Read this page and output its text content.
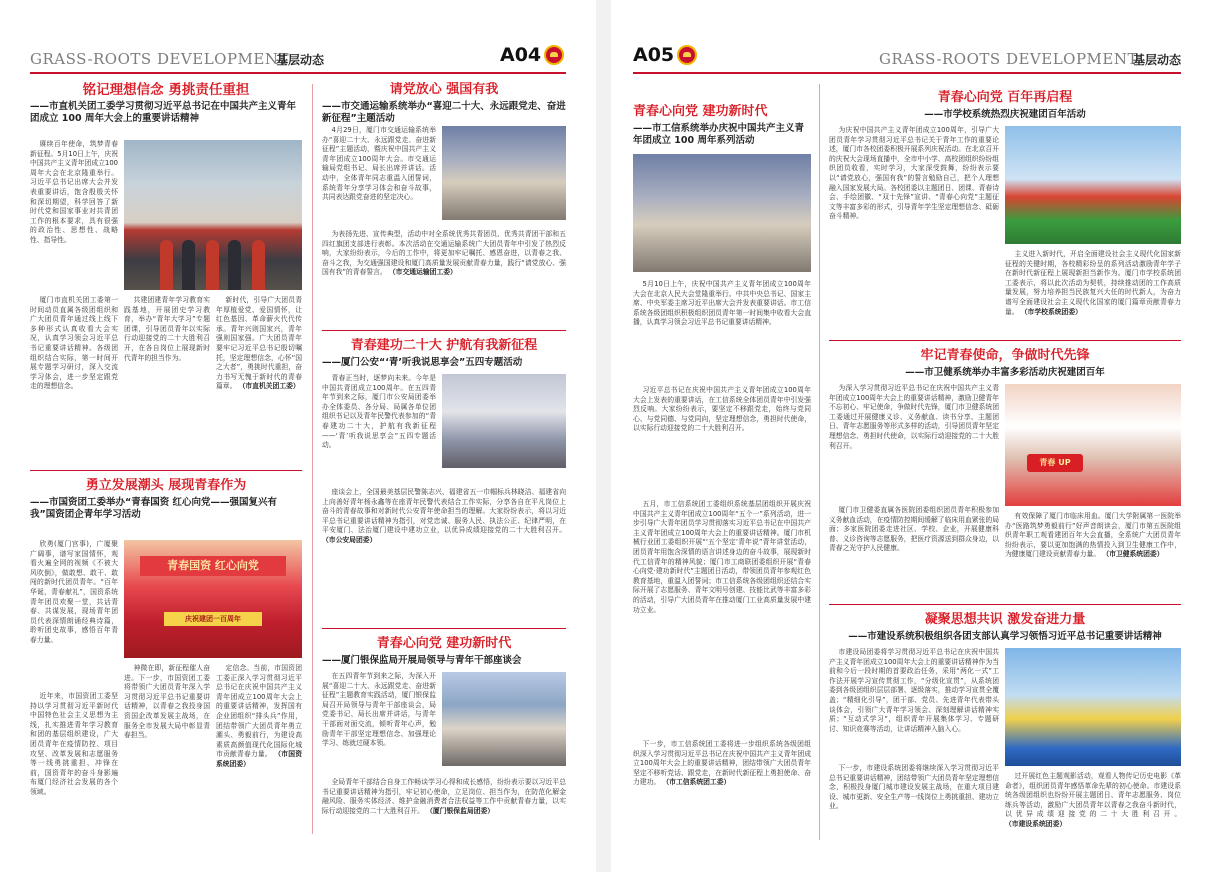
GRASS-ROOTS DEVELOPMENT
基层动态	A04
铭记理想信念 勇挑责任重担
——市直机关团工委学习贯彻习近平总书记在中国共产主义青年团成立 100 周年大会上的重要讲话精神
赓续百年使命，筑梦青春新征程。5月10日上午，庆祝中国共产主义青年团成立100周年大会在北京隆重举行。习近平总书记出席大会并发表重要讲话，饱含殷殷关怀和深切期望，科学回答了新时代党和国家事业对共青团工作的根本要求，具有很强的政治性、思想性、战略性、指导性。
厦门市直机关团工委第一时间动员直属各级团组织和广大团员青年通过线上线下多种形式认真收看大会实况，认真学习领会习近平总书记重要讲话精神。各级团组织结合实际，第一时间开展专题学习研讨，深入交流学习体会，进一步坚定跟党走的理想信念。
共建团建青年学习教育实践基地，开展团史学习教育，举办“青年大学习”专题团课，引导团员青年以实际行动迎接党的二十大胜利召开，在各自岗位上展现新时代青年的担当作为。
新时代，引导广大团员青年厚植爱党、爱国情怀，让红色基因、革命薪火代代传承。青年兴则国家兴，青年强则国家强。广大团员青年要牢记习近平总书记殷切嘱托，坚定理想信念，心怀“国之大者”，勇挑时代重担，奋力书写无愧于新时代的青春篇章。 （市直机关团工委）
请党放心 强国有我
——市交通运输系统举办“喜迎二十大、永远跟党走、奋进新征程”主题活动
4月29日，厦门市交通运输系统举办“喜迎二十大、永远跟党走、奋进新征程”主题活动，暨庆祝中国共产主义青年团成立100周年大会。市交通运输局党组书记、局长出席并讲话。活动中，全体青年同志重温入团誓词，系统青年分享学习体会和奋斗故事，共同表达跟党奋进的坚定决心。
为表扬先进、宣传典型，活动中对全系统优秀共青团员、优秀共青团干部和五四红旗团支部进行表彰。本次活动在交通运输系统广大团员青年中引发了热烈反响，大家纷纷表示，今后的工作中，将更加牢记嘱托、感恩奋进，以青春之我、奋斗之我，为交通强国建设和厦门高质量发展贡献青春力量，践行“请党放心、强国有我”的青春誓言。 （市交通运输团工委）
青春建功二十大 护航有我新征程
——厦门公安“‘青’听我说思享会”五四专题活动
青春正当时，逐梦向未来。今年是中国共青团成立100周年。在五四青年节到来之际，厦门市公安局团委举办全体委员、各分局、局属各单位团组织书记以及青年民警代表参加的“青春建功二十大，护航有我新征程——‘青’听我说思享会”五四专题活动。
座谈会上，全国最美基层民警陈志兴、福建省五一巾帼标兵林晓洁、福建省向上向善好青年杨永鑫等在座青年民警代表结合工作实际，分享各自在平凡岗位上奋斗的青春故事和对新时代公安青年使命担当的理解。大家纷纷表示，将以习近平总书记重要讲话精神为指引，对党忠诚、服务人民、执法公正、纪律严明，在平安厦门、法治厦门建设中建功立业，以优异成绩迎接党的二十大胜利召开。 （市公安局团委）
青春心向党 建功新时代
——厦门银保监局开展局领导与青年干部座谈会
在五四青年节到来之际，为深入开展“喜迎二十大、永远跟党走、奋进新征程”主题教育实践活动，厦门银保监局召开局领导与青年干部座谈会，局党委书记、局长出席并讲话，与青年干部面对面交流，倾听青年心声，勉励青年干部坚定理想信念、加强理论学习、练就过硬本领。
全局青年干部结合自身工作畅谈学习心得和成长感悟，纷纷表示要以习近平总书记重要讲话精神为指引，牢记初心使命，立足岗位、担当作为，在防范化解金融风险、服务实体经济、维护金融消费者合法权益等工作中贡献青春力量，以实际行动迎接党的二十大胜利召开。 （厦门银保监局团委）
勇立发展潮头 展现青春作为
——市国资团工委举办“青春国资 红心向党——强国复兴有我”国资团企青年学习活动
欣勇(厦门宫事)，广厦聚广阔事，谱写家国情怀，观看火遍全网的视频《不被大风吹倒》，做敢想、敢干、敢闯的新时代团员青年。“百年华诞，青春献礼”，国资系统青年团员欢聚一堂，共话青春、共谋发展，现场青年团员代表深情朗诵经典诗篇，聆听团史故事，感悟百年青春力量。
青春国资 红心向党
庆祝建团一百周年
近年来，市国资团工委坚持以学习贯彻习近平新时代中国特色社会主义思想为主线，扎实推进青年学习教育和团的基层组织建设，广大团员青年在疫情防控、项目攻坚、改革发展和志愿服务等一线勇挑重担、冲锋在前，国资青年的奋斗身影遍布厦门经济社会发展的各个领域。
神微在即，新征程催人奋进。下一步，市国资团工委将带领广大团员青年深入学习贯彻习近平总书记重要讲话精神，以青春之我投身国资国企改革发展主战场，在服务全市发展大局中彰显青春担当。
定信念。当前，市国资团工委正深入学习贯彻习近平总书记在庆祝中国共产主义青年团成立100周年大会上的重要讲话精神，发挥国有企业团组织“排头兵”作用，团结带领广大团员青年勇立潮头、勇毅前行，为建设高素质高颜值现代化国际化城市贡献青春力量。 （市国资系统团委）
A05	GRASS-ROOTS DEVELOPMENT
基层动态
青春心向党 建功新时代
——市工信系统举办庆祝中国共产主义青年团成立 100 周年系列活动
5月10日上午，庆祝中国共产主义青年团成立100周年大会在北京人民大会堂隆重举行。中共中央总书记、国家主席、中央军委主席习近平出席大会并发表重要讲话。市工信系统各级团组织积极组织团员青年第一时间集中收看大会直播，认真学习领会习近平总书记重要讲话精神。
习近平总书记在庆祝中国共产主义青年团成立100周年大会上发表的重要讲话，在工信系统全体团员青年中引发强烈反响。大家纷纷表示，要坚定不移跟党走，始终与党同心、与党同德、与党同向，坚定理想信念，勇担时代使命，以实际行动迎接党的二十大胜利召开。
五月，市工信系统团工委组织系统基层团组织开展庆祝中国共产主义青年团成立100周年“五个一”系列活动，进一步引导广大青年团员学习贯彻落实习近平总书记在中国共产主义青年团成立100周年大会上的重要讲话精神。厦门市机械行业团工委组织开展“‘五个坚定’青年说”青年讲堂活动，团员青年用饱含深情的语言讲述身边的奋斗故事，展现新时代工信青年的精神风貌；厦门市工商联团委组织开展“青春心向党·建功新时代”主题团日活动，带领团员青年参观红色教育基地，重温入团誓词；市工信系统各级团组织还结合实际开展了志愿服务、青年文明号创建、技能比武等丰富多彩的活动，引导广大团员青年在推动厦门工业高质量发展中建功立业。
下一步，市工信系统团工委将进一步组织系统各级团组织深入学习贯彻习近平总书记在庆祝中国共产主义青年团成立100周年大会上的重要讲话精神，团结带领广大团员青年坚定不移听党话、跟党走，在新时代新征程上勇担使命、奋力建功。 （市工信系统团工委）
青春心向党 百年再启程
——市学校系统热烈庆祝建团百年活动
为庆祝中国共产主义青年团成立100周年，引导广大团员青年学习贯彻习近平总书记关于青年工作的重要论述，厦门市各校团委积极开展系列庆祝活动。在北京召开的庆祝大会现场直播中，全市中小学、高校团组织纷纷组织团员收看，实时学习，大家深受鼓舞，纷纷表示要以“请党放心，强国有我”的誓言勉励自己，把个人理想融入国家发展大局。各校团委以主题团日、团课、青春诗会、手绘团徽、“双十先锋”宣讲、“青春心向党”主题征文等丰富多彩的形式，引导青年学生坚定理想信念、砥砺奋斗精神。
主义进入新时代，开启全面建设社会主义现代化国家新征程的关键时期，各校精彩纷呈的系列活动激励青年学子在新时代新征程上展现新担当新作为。厦门市学校系统团工委表示，将以此次活动为契机，持续推动团的工作高质量发展，努力培养担当民族复兴大任的时代新人，为奋力谱写全面建设社会主义现代化国家的厦门篇章贡献青春力量。 （市学校系统团委）
牢记青春使命，争做时代先锋
——市卫健系统举办丰富多彩活动庆祝建团百年
为深入学习贯彻习近平总书记在庆祝中国共产主义青年团成立100周年大会上的重要讲话精神，激励卫健青年不忘初心、牢记使命，争做时代先锋，厦门市卫健系统团工委通过开展健康义诊、义务献血、读书分享、主题团日、青年志愿服务等形式多样的活动，引导团员青年坚定理想信念、勇担时代使命，以实际行动迎接党的二十大胜利召开。
青春 UP
厦门市卫健委直属各医院团委组织团员青年积极参加义务献血活动，在疫情防控期间缓解了临床用血紧张的局面；多家医院团委走进社区、学校、企业，开展健康科普、义诊咨询等志愿服务，把医疗资源送到群众身边，以青春之光守护人民健康。
有效保障了厦门市临床用血。厦门大学附属第一医院举办“医路筑梦勇毅前行”好声音朗读会，厦门市第五医院组织青年职工观看建团百年大会直播，全系统广大团员青年纷纷表示，要以更加饱满的热情投入到卫生健康工作中，为健康厦门建设贡献青春力量。 （市卫健系统团委）
凝聚思想共识 激发奋进力量
——市建设系统积极组织各团支部认真学习领悟习近平总书记重要讲话精神
市建设局团委将学习贯彻习近平总书记在庆祝中国共产主义青年团成立100周年大会上的重要讲话精神作为当前和今后一段时期的首要政治任务，采用“两化一式”工作法开展学习宣传贯彻工作，“分级化宣贯”，从系统团委到各级团组织层层部署、逐级落实，推动学习宣贯全覆盖；“精细化引导”，团干部、党员、先进青年代表带头谈体会，引领广大青年学习领会、深刻理解讲话精神实质；“互动式学习”，组织青年开展集体学习、专题研讨、知识竞赛等活动，让讲话精神入脑入心。
下一步，市建设系统团委将继续深入学习贯彻习近平总书记重要讲话精神，团结带领广大团员青年坚定理想信念，积极投身厦门城市建设发展主战场，在重大项目建设、城市更新、安全生产等一线岗位上勇挑重担、建功立业。
过开展红色主题观影活动，观看人物传记历史电影《革命者》，组织团员青年感悟革命先辈的初心使命。市建设系统各级团组织也纷纷开展主题团日、青年志愿服务、岗位练兵等活动，激励广大团员青年以青春之我奋斗新时代，以优异成绩迎接党的二十大胜利召开。 （市建设系统团委）
